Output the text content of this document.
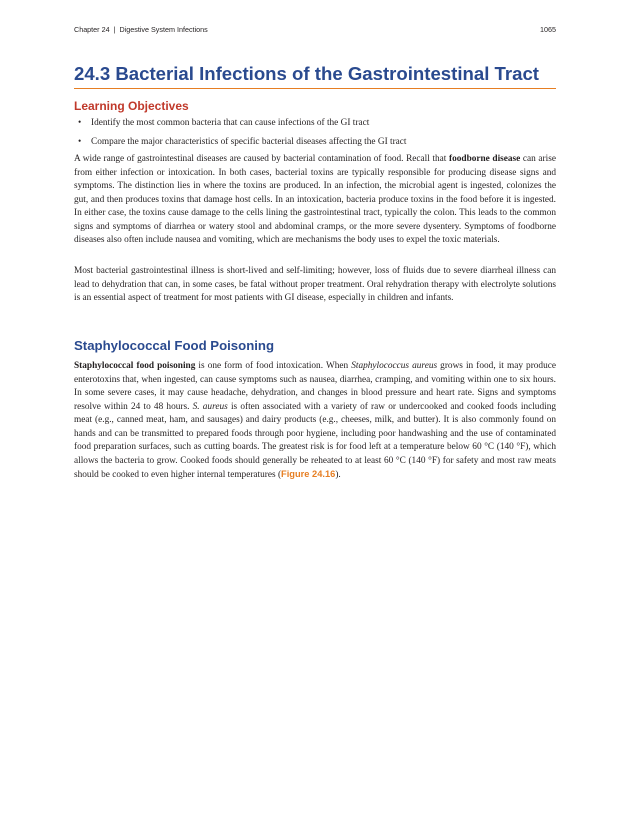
Chapter 24 | Digestive System Infections	1065
24.3 Bacterial Infections of the Gastrointestinal Tract
Learning Objectives
• Identify the most common bacteria that can cause infections of the GI tract
• Compare the major characteristics of specific bacterial diseases affecting the GI tract

A wide range of gastrointestinal diseases are caused by bacterial contamination of food. Recall that foodborne disease can arise from either infection or intoxication. In both cases, bacterial toxins are typically responsible for producing disease signs and symptoms. The distinction lies in where the toxins are produced. In an infection, the microbial agent is ingested, colonizes the gut, and then produces toxins that damage host cells. In an intoxication, bacteria produce toxins in the food before it is ingested. In either case, the toxins cause damage to the cells lining the gastrointestinal tract, typically the colon. This leads to the common signs and symptoms of diarrhea or watery stool and abdominal cramps, or the more severe dysentery. Symptoms of foodborne diseases also often include nausea and vomiting, which are mechanisms the body uses to expel the toxic materials.

Most bacterial gastrointestinal illness is short-lived and self-limiting; however, loss of fluids due to severe diarrheal illness can lead to dehydration that can, in some cases, be fatal without proper treatment. Oral rehydration therapy with electrolyte solutions is an essential aspect of treatment for most patients with GI disease, especially in children and infants.

Staphylococcal Food Poisoning

Staphylococcal food poisoning is one form of food intoxication. When Staphylococcus aureus grows in food, it may produce enterotoxins that, when ingested, can cause symptoms such as nausea, diarrhea, cramping, and vomiting within one to six hours. In some severe cases, it may cause headache, dehydration, and changes in blood pressure and heart rate. Signs and symptoms resolve within 24 to 48 hours. S. aureus is often associated with a variety of raw or undercooked and cooked foods including meat (e.g., canned meat, ham, and sausages) and dairy products (e.g., cheeses, milk, and butter). It is also commonly found on hands and can be transmitted to prepared foods through poor hygiene, including poor handwashing and the use of contaminated food preparation surfaces, such as cutting boards. The greatest risk is for food left at a temperature below 60 °C (140 °F), which allows the bacteria to grow. Cooked foods should generally be reheated to at least 60 °C (140 °F) for safety and most raw meats should be cooked to even higher internal temperatures (Figure 24.16).
